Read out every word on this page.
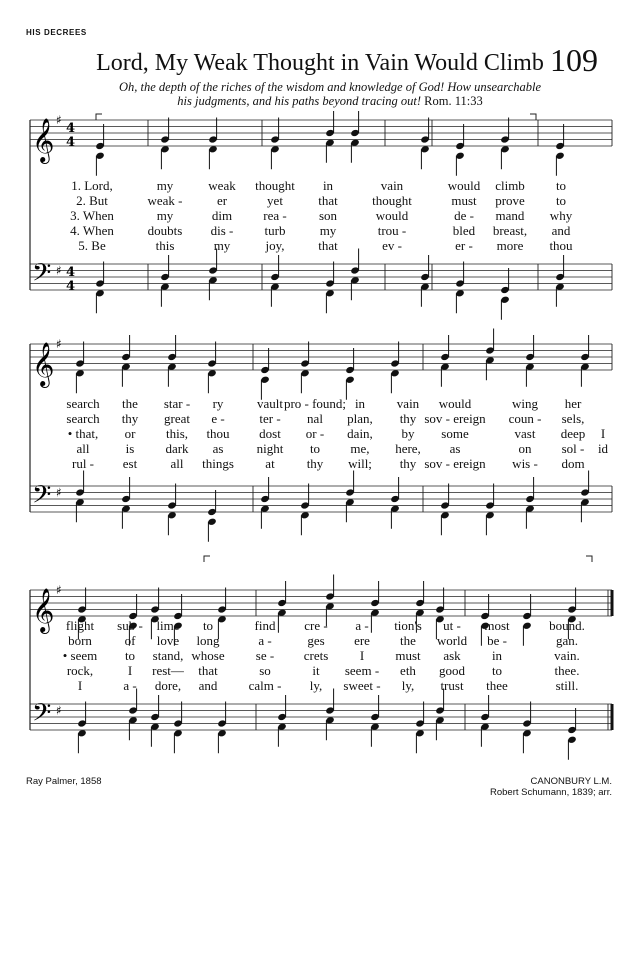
HIS DECREES
Lord, My Weak Thought in Vain Would Climb 109
Oh, the depth of the riches of the wisdom and knowledge of God! How unsearchable
his judgments, and his paths beyond tracing out! Rom. 11:33
𝄞 ♯
4
4
𝄢 ♯ 4
4
𝄞 ♯
𝄢 ♯
𝄞 ♯
𝄢 ♯
1. Lord,	my	weak thought in	vain	would climb to
2. But	weak -	er	yet	that	thought	must prove to
3. When	my	dim rea - son	would	de - mand why
4. When	doubts dis - turb	my	trou -	bled breast, and
5. Be	this	my	joy,	that	ev -	er - more thou
search the star - ry	vault pro - found; in vain would	wing her
search thy great e -	ter - nal plan, thy sov - ereign coun - sels,
• that, or this, thou dost or - dain, by some	vast deep I
all	is dark as	night to me, here, as	on sol - id
rul - est	all things at thy will; thy sov - ereign wis - dom
flight sub - lime to	find cre - a - tion's ut - most	bound.
born	of love long	a -	ges ere the world be -	gan.
• seem to stand, whose se - crets I must ask in	vain.
rock,	I rest— that	so	it seem - eth good to	thee.
I	a - dore, and calm - ly, sweet - ly, trust thee	still.
Ray Palmer, 1858	CANONBURY L.M.
Robert Schumann, 1839; arr.
